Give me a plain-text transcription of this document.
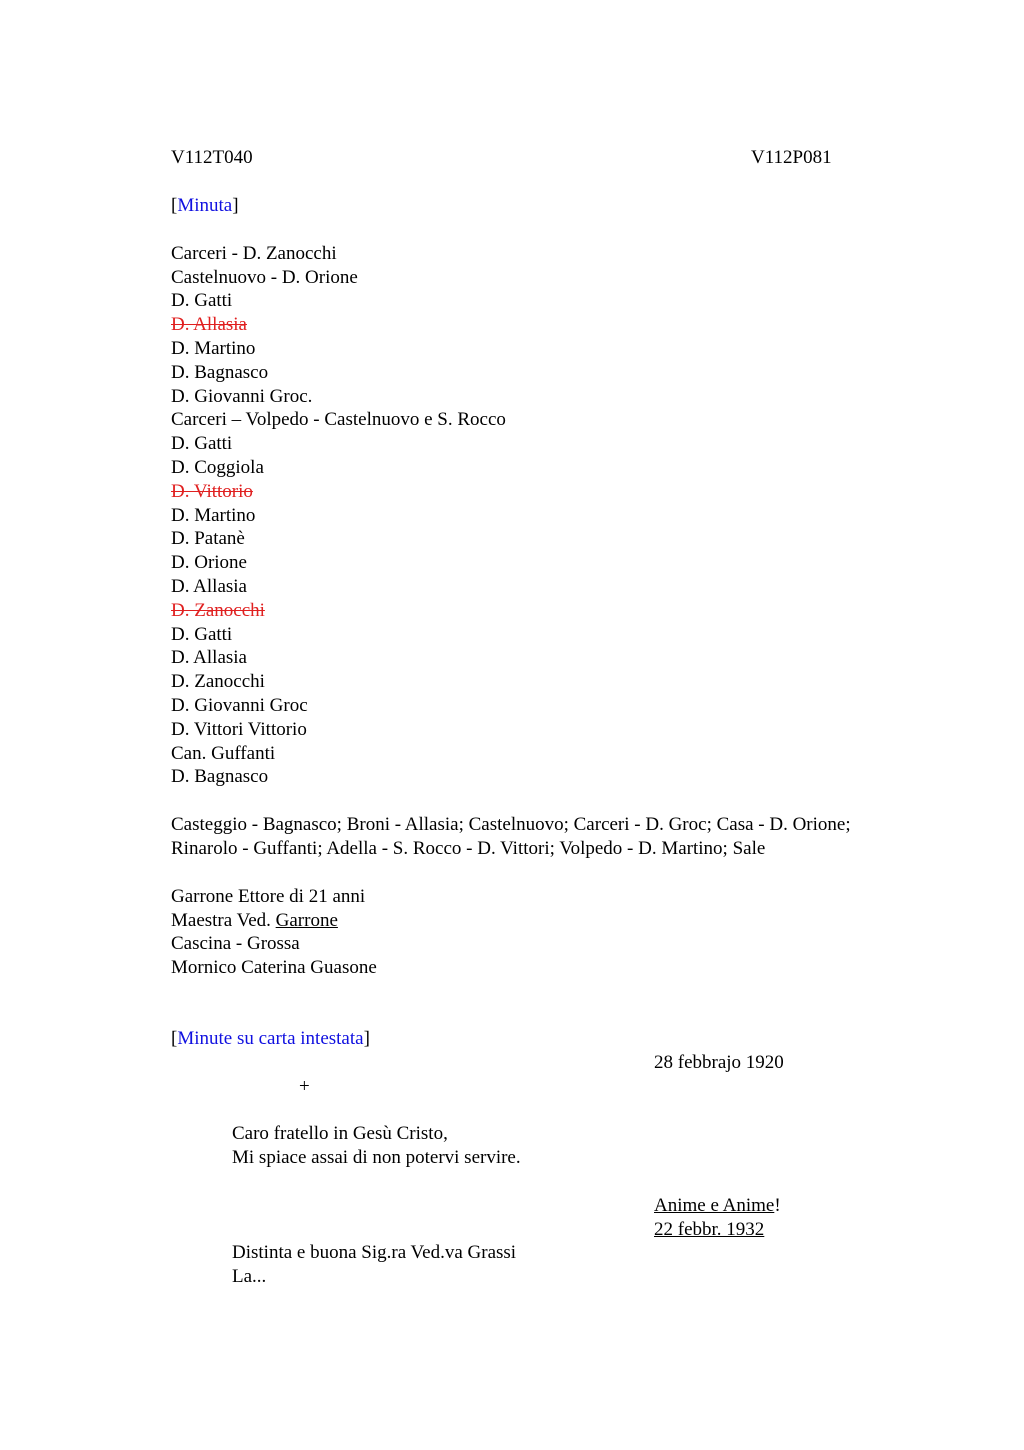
V112T040	V112P081
[Minuta]
Carceri - D. Zanocchi
Castelnuovo - D. Orione
D. Gatti
D. Allasia
D. Martino
D. Bagnasco
D. Giovanni Groc.
Carceri – Volpedo - Castelnuovo e S. Rocco
D. Gatti
D. Coggiola
D. Vittorio
D. Martino
D. Patanè
D. Orione
D. Allasia
D. Zanocchi
D. Gatti
D. Allasia
D. Zanocchi
D. Giovanni Groc
D. Vittori Vittorio
Can. Guffanti
D. Bagnasco
Casteggio - Bagnasco; Broni - Allasia; Castelnuovo; Carceri - D. Groc; Casa - D. Orione; Rinarolo - Guffanti; Adella - S. Rocco - D. Vittori; Volpedo - D. Martino; Sale
Garrone Ettore di 21 anni
Maestra Ved. Garrone
Cascina - Grossa
Mornico Caterina Guasone
[Minute su carta intestata]
28 febbrajo 1920
+
Caro fratello in Gesù Cristo,
Mi spiace assai di non potervi servire.
Anime e Anime!
22 febbr. 1932
Distinta e buona Sig.ra Ved.va Grassi
La...
